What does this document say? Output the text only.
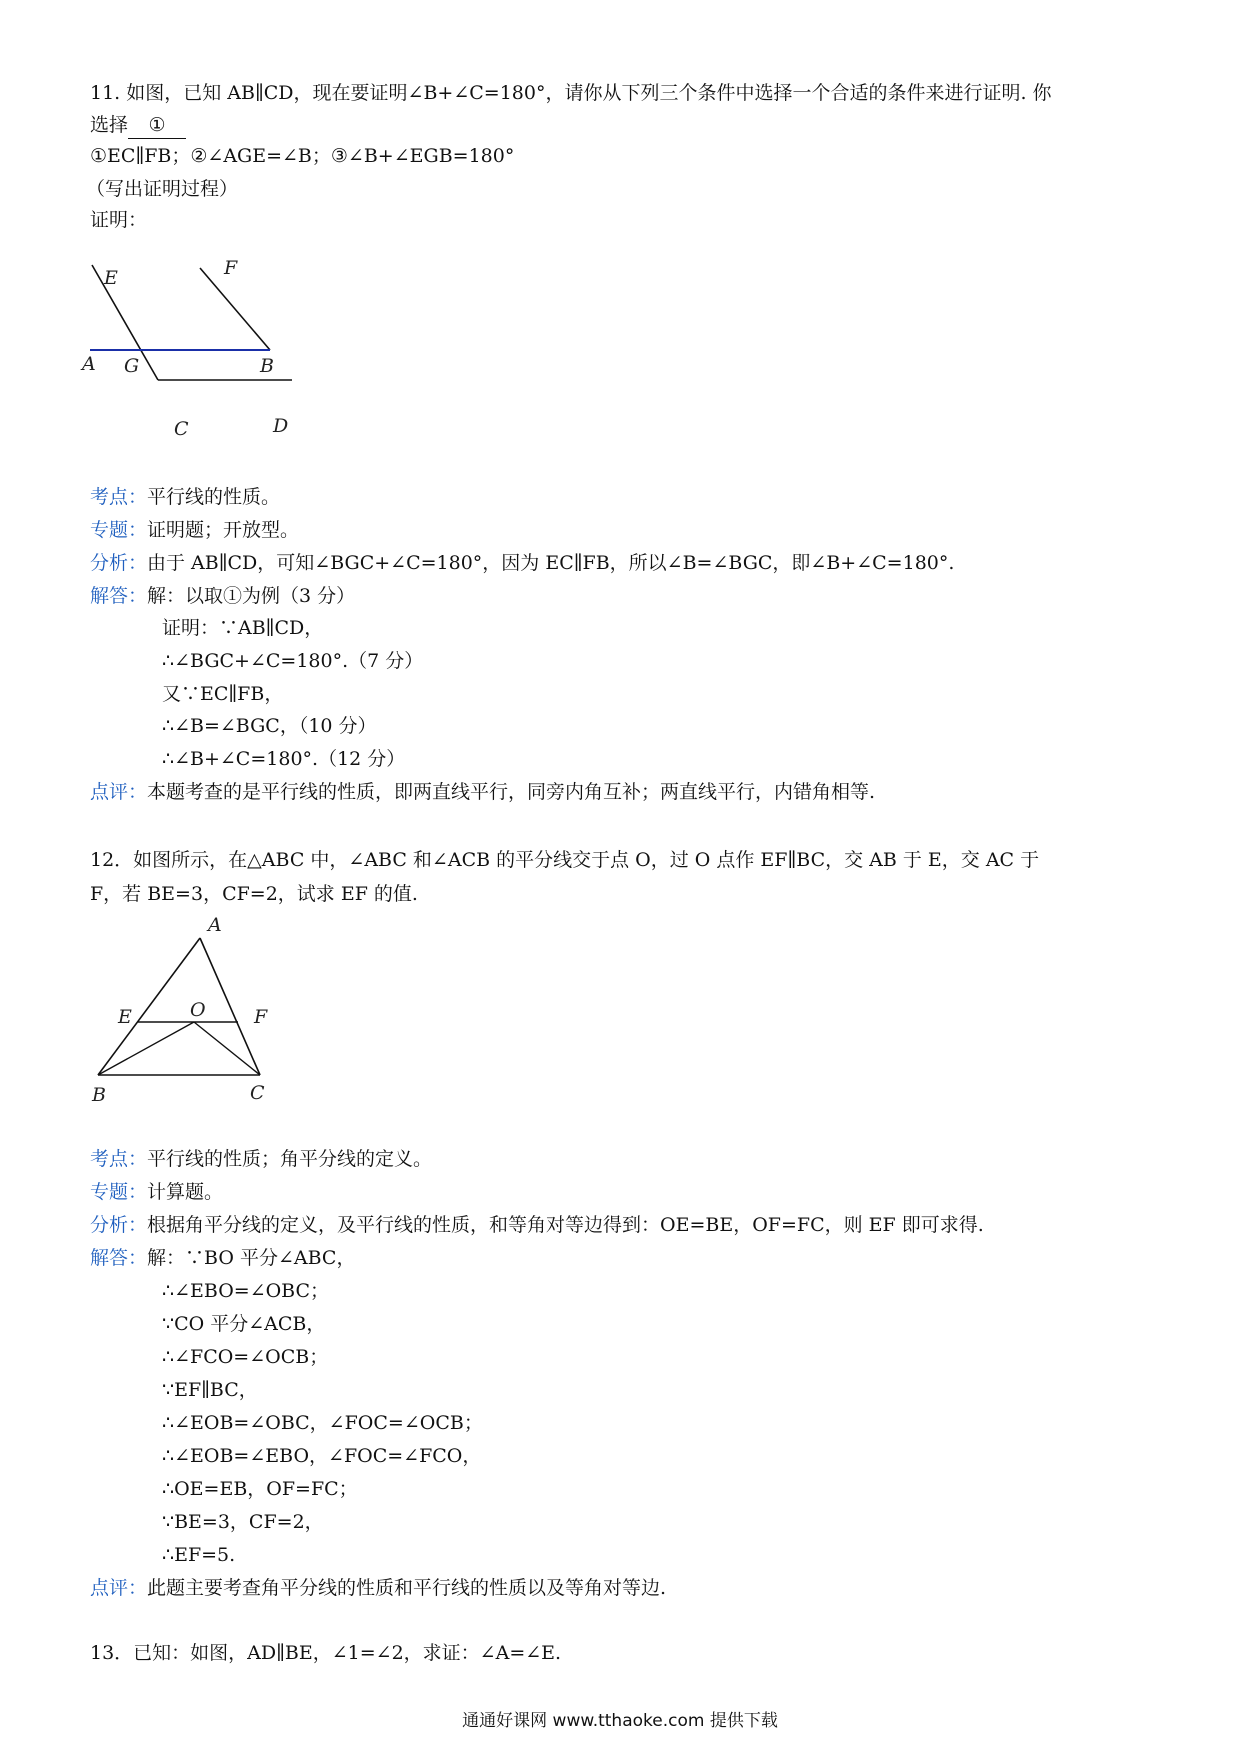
11. 如图，已知 AB∥CD，现在要证明∠B+∠C=180°，请你从下列三个条件中选择一个合适的条件来进行证明. 你
选择 ①
①EC∥FB；②∠AGE=∠B；③∠B+∠EGB=180°
（写出证明过程）
证明：
E	F
A G	B
C	D
考点：平行线的性质。
专题：证明题；开放型。
分析：由于 AB∥CD，可知∠BGC+∠C=180°，因为 EC∥FB，所以∠B=∠BGC，即∠B+∠C=180°.
解答：解：以取①为例（3 分）
证明：∵AB∥CD，
∴∠BGC+∠C=180°.（7 分）
又∵EC∥FB，
∴∠B=∠BGC，（10 分）
∴∠B+∠C=180°.（12 分）
点评：本题考查的是平行线的性质，即两直线平行，同旁内角互补；两直线平行，内错角相等.
12．如图所示，在△ABC 中，∠ABC 和∠ACB 的平分线交于点 O，过 O 点作 EF∥BC，交 AB 于 E，交 AC 于
F，若 BE=3，CF=2，试求 EF 的值.
A
E	O	F
B	C
考点：平行线的性质；角平分线的定义。
专题：计算题。
分析：根据角平分线的定义，及平行线的性质，和等角对等边得到：OE=BE，OF=FC，则 EF 即可求得.
解答：解：∵BO 平分∠ABC，
∴∠EBO=∠OBC；
∵CO 平分∠ACB，
∴∠FCO=∠OCB；
∵EF∥BC，
∴∠EOB=∠OBC，∠FOC=∠OCB；
∴∠EOB=∠EBO，∠FOC=∠FCO，
∴OE=EB，OF=FC；
∵BE=3，CF=2，
∴EF=5.
点评：此题主要考查角平分线的性质和平行线的性质以及等角对等边.
13．已知：如图，AD∥BE，∠1=∠2，求证：∠A=∠E.
通通好课网 www.tthaoke.com 提供下载
